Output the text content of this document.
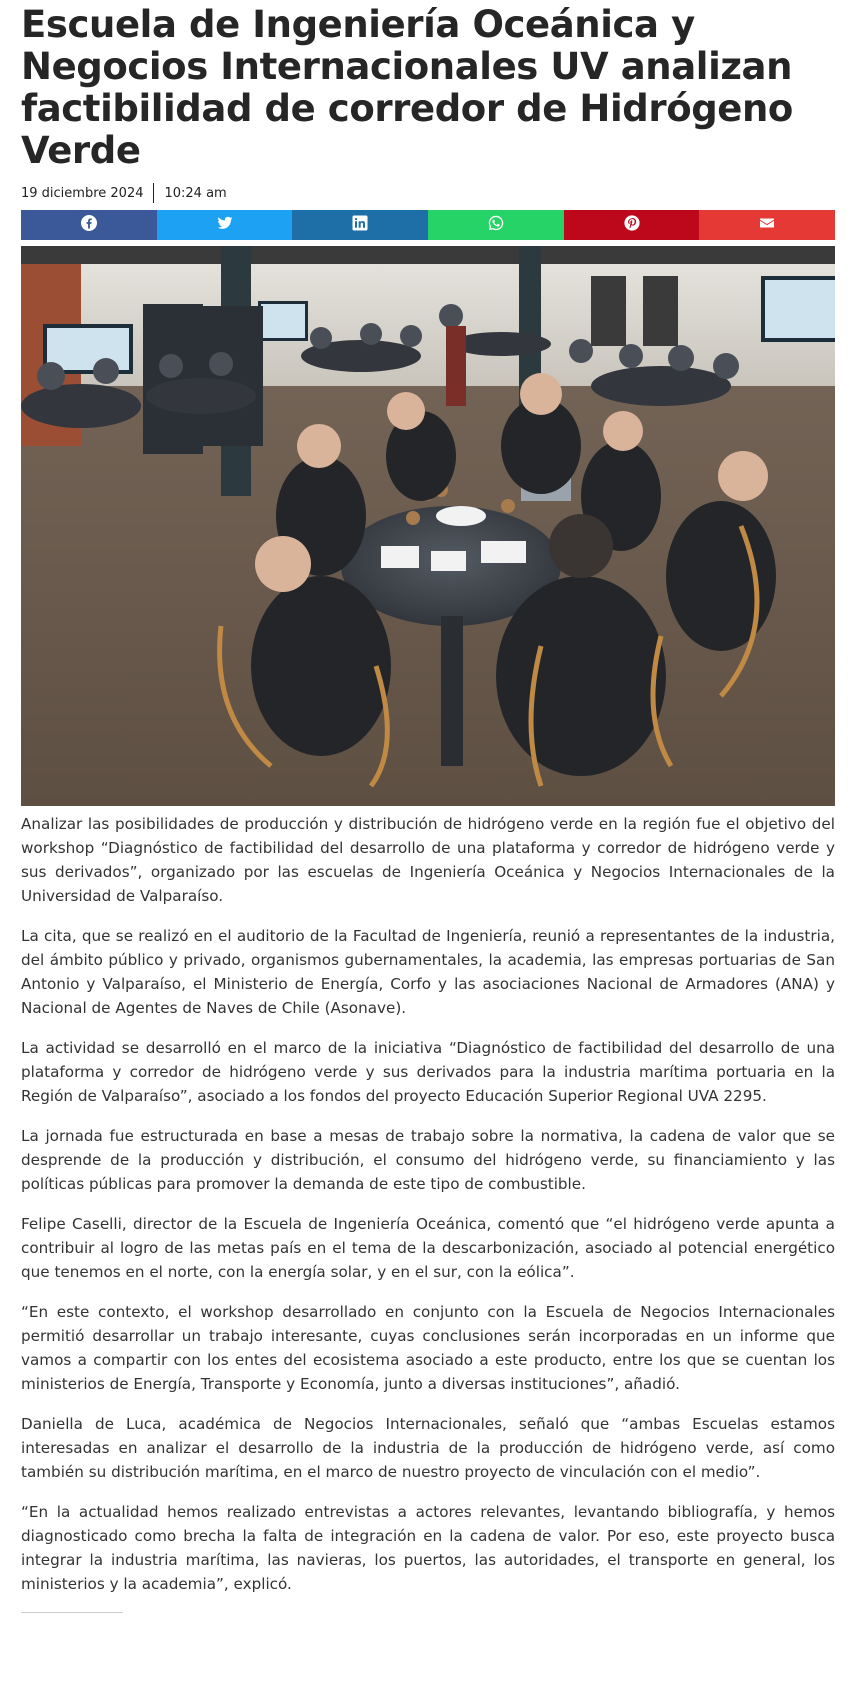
Escuela de Ingeniería Oceánica y Negocios Internacionales UV analizan factibilidad de corredor de Hidrógeno Verde
19 diciembre 2024 10:24 am

Analizar las posibilidades de producción y distribución de hidrógeno verde en la región fue el objetivo del workshop “Diagnóstico de factibilidad del desarrollo de una plataforma y corredor de hidrógeno verde y sus derivados”, organizado por las escuelas de Ingeniería Oceánica y Negocios Internacionales de la Universidad de Valparaíso.

La cita, que se realizó en el auditorio de la Facultad de Ingeniería, reunió a representantes de la industria, del ámbito público y privado, organismos gubernamentales, la academia, las empresas portuarias de San Antonio y Valparaíso, el Ministerio de Energía, Corfo y las asociaciones Nacional de Armadores (ANA) y Nacional de Agentes de Naves de Chile (Asonave).

La actividad se desarrolló en el marco de la iniciativa “Diagnóstico de factibilidad del desarrollo de una plataforma y corredor de hidrógeno verde y sus derivados para la industria marítima portuaria en la Región de Valparaíso”, asociado a los fondos del proyecto Educación Superior Regional UVA 2295.

La jornada fue estructurada en base a mesas de trabajo sobre la normativa, la cadena de valor que se desprende de la producción y distribución, el consumo del hidrógeno verde, su financiamiento y las políticas públicas para promover la demanda de este tipo de combustible.

Felipe Caselli, director de la Escuela de Ingeniería Oceánica, comentó que “el hidrógeno verde apunta a contribuir al logro de las metas país en el tema de la descarbonización, asociado al potencial energético que tenemos en el norte, con la energía solar, y en el sur, con la eólica”.

“En este contexto, el workshop desarrollado en conjunto con la Escuela de Negocios Internacionales permitió desarrollar un trabajo interesante, cuyas conclusiones serán incorporadas en un informe que vamos a compartir con los entes del ecosistema asociado a este producto, entre los que se cuentan los ministerios de Energía, Transporte y Economía, junto a diversas instituciones”, añadió.

Daniella de Luca, académica de Negocios Internacionales, señaló que “ambas Escuelas estamos interesadas en analizar el desarrollo de la industria de la producción de hidrógeno verde, así como también su distribución marítima, en el marco de nuestro proyecto de vinculación con el medio”.

“En la actualidad hemos realizado entrevistas a actores relevantes, levantando bibliografía, y hemos diagnosticado como brecha la falta de integración en la cadena de valor. Por eso, este proyecto busca integrar la industria marítima, las navieras, los puertos, las autoridades, el transporte en general, los ministerios y la academia”, explicó.
